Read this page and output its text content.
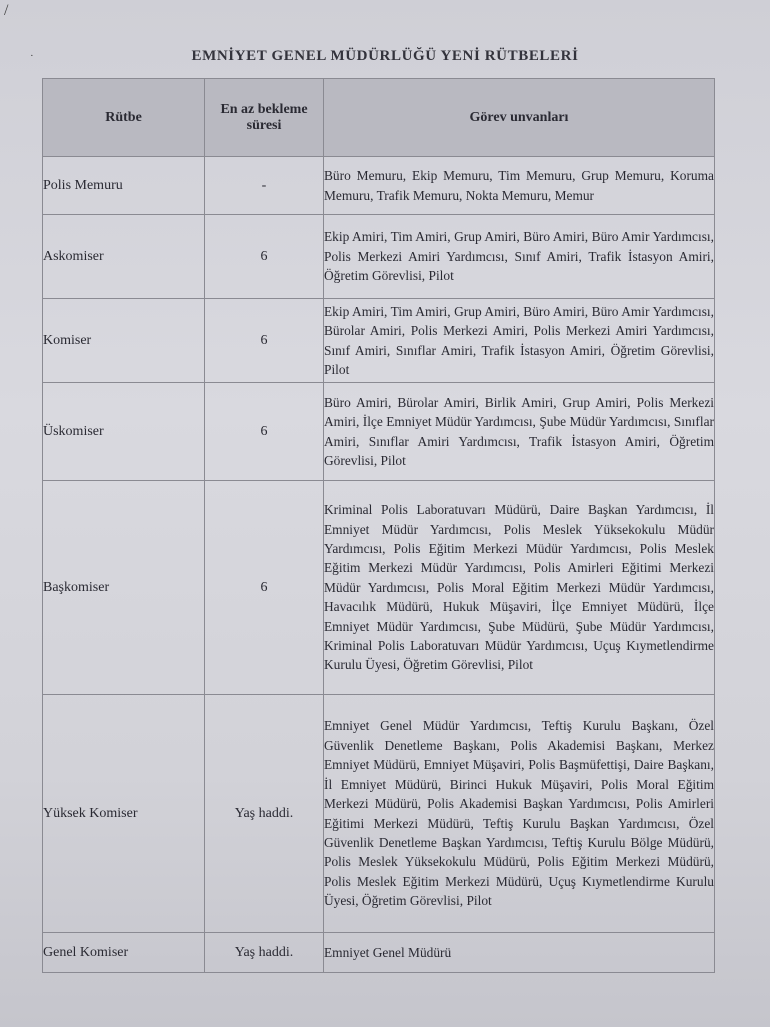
/
·	EMNİYET GENEL MÜDÜRLÜĞÜ YENİ RÜTBELERİ
Rütbe	En az bekleme süresi	Görev unvanları
Polis Memuru	-	Büro Memuru, Ekip Memuru, Tim Memuru, Grup Memuru, Koruma Memuru, Trafik Memuru, Nokta Memuru, Memur
Askomiser	6	Ekip Amiri, Tim Amiri, Grup Amiri, Büro Amiri, Büro Amir Yardımcısı, Polis Merkezi Amiri Yardımcısı, Sınıf Amiri, Trafik İstasyon Amiri, Öğretim Görevlisi, Pilot
Komiser	6	Ekip Amiri, Tim Amiri, Grup Amiri, Büro Amiri, Büro Amir Yardımcısı, Bürolar Amiri, Polis Merkezi Amiri, Polis Merkezi Amiri Yardımcısı, Sınıf Amiri, Sınıflar Amiri, Trafik İstasyon Amiri, Öğretim Görevlisi, Pilot
Üskomiser	6	Büro Amiri, Bürolar Amiri, Birlik Amiri, Grup Amiri, Polis Merkezi Amiri, İlçe Emniyet Müdür Yardımcısı, Şube Müdür Yardımcısı, Sınıflar Amiri, Sınıflar Amiri Yardımcısı, Trafik İstasyon Amiri, Öğretim Görevlisi, Pilot
Başkomiser	6	Kriminal Polis Laboratuvarı Müdürü, Daire Başkan Yardımcısı, İl Emniyet Müdür Yardımcısı, Polis Meslek Yüksekokulu Müdür Yardımcısı, Polis Eğitim Merkezi Müdür Yardımcısı, Polis Meslek Eğitim Merkezi Müdür Yardımcısı, Polis Amirleri Eğitimi Merkezi Müdür Yardımcısı, Polis Moral Eğitim Merkezi Müdür Yardımcısı, Havacılık Müdürü, Hukuk Müşaviri, İlçe Emniyet Müdürü, İlçe Emniyet Müdür Yardımcısı, Şube Müdürü, Şube Müdür Yardımcısı, Kriminal Polis Laboratuvarı Müdür Yardımcısı, Uçuş Kıymetlendirme Kurulu Üyesi, Öğretim Görevlisi, Pilot
Yüksek Komiser	Yaş haddi.	Emniyet Genel Müdür Yardımcısı, Teftiş Kurulu Başkanı, Özel Güvenlik Denetleme Başkanı, Polis Akademisi Başkanı, Merkez Emniyet Müdürü, Emniyet Müşaviri, Polis Başmüfettişi, Daire Başkanı, İl Emniyet Müdürü, Birinci Hukuk Müşaviri, Polis Moral Eğitim Merkezi Müdürü, Polis Akademisi Başkan Yardımcısı, Polis Amirleri Eğitimi Merkezi Müdürü, Teftiş Kurulu Başkan Yardımcısı, Özel Güvenlik Denetleme Başkan Yardımcısı, Teftiş Kurulu Bölge Müdürü, Polis Meslek Yüksekokulu Müdürü, Polis Eğitim Merkezi Müdürü, Polis Meslek Eğitim Merkezi Müdürü, Uçuş Kıymetlendirme Kurulu Üyesi, Öğretim Görevlisi, Pilot
Genel Komiser	Yaş haddi.	Emniyet Genel Müdürü
